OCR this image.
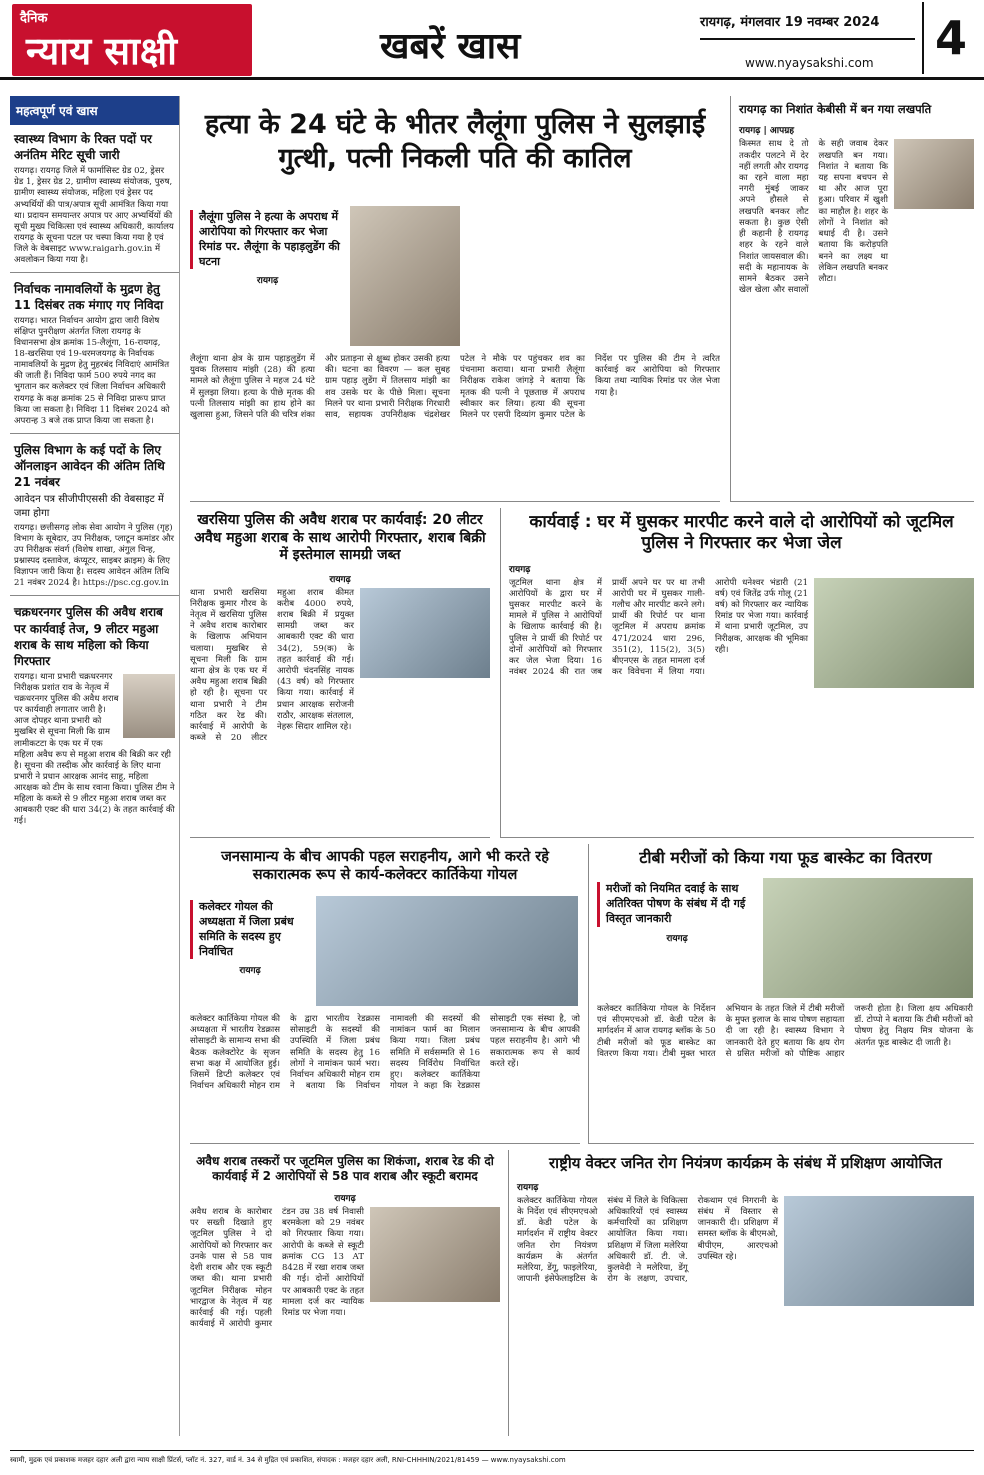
दैनिक
न्याय साक्षी	खबरें खास
रायगढ़, मंगलवार 19 नवम्बर 2024
www.nyaysakshi.com 4
महत्वपूर्ण एवं खास
स्वास्थ्य विभाग के रिक्त पदों पर अनंतिम मेरिट सूची जारी
रायगढ़। रायगढ़ जिले में फार्मासिस्ट ग्रेड 02, ड्रेसर ग्रेड 1, ड्रेसर ग्रेड 2, ग्रामीण स्वास्थ्य संयोजक, पुरुष, ग्रामीण स्वास्थ्य संयोजक, महिला एवं ड्रेसर पद अभ्यर्थियों की पात्र/अपात्र सूची आमंत्रित किया गया था। प्रदायन समयान्तर अपात्र पर आए अभ्यर्थियों की सूची मुख्य चिकित्सा एवं स्वास्थ्य अधिकारी, कार्यालय रायगढ़ के सूचना पटल पर चस्पा किया गया है एवं जिले के वेबसाइट www.raigarh.gov.in में अवलोकन किया गया है।
निर्वाचक नामावलियों के मुद्रण हेतु 11 दिसंबर तक मंगाए गए निविदा
रायगढ़। भारत निर्वाचन आयोग द्वारा जारी विशेष संक्षिप्त पुनरीक्षण अंतर्गत जिला रायगढ़ के विधानसभा क्षेत्र क्रमांक 15-लैलूंगा, 16-रायगढ़, 18-खरसिया एवं 19-धरमजयगढ़ के निर्वाचक नामावलियों के मुद्रण हेतु मुहरबंद निविदाएं आमंत्रित की जाती हैं। निविदा फार्म 500 रुपये नगद का भुगतान कर कलेक्टर एवं जिला निर्वाचन अधिकारी रायगढ़ के कक्ष क्रमांक 25 से निविदा प्रारूप प्राप्त किया जा सकता है। निविदा 11 दिसंबर 2024 को अपरान्ह 3 बजे तक प्राप्त किया जा सकता है।
पुलिस विभाग के कई पदों के लिए ऑनलाइन आवेदन की अंतिम तिथि 21 नवंबर
आवेदन पत्र सीजीपीएससी की वेबसाइट में जमा होगा
रायगढ़। छत्तीसगढ़ लोक सेवा आयोग ने पुलिस (गृह) विभाग के सूबेदार, उप निरीक्षक, प्लाटून कमांडर और उप निरीक्षक संवर्ग (विशेष शाखा, अंगुल चिन्ह, प्रश्नास्पद दस्तावेज, कंप्यूटर, साइबर क्राइम) के लिए विज्ञापन जारी किया है। सदस्य आवेदन अंतिम तिथि 21 नवंबर 2024 है। https://psc.cg.gov.in
चक्रधरनगर पुलिस की अवैध शराब पर कार्यवाई तेज, 9 लीटर महुआ शराब के साथ महिला को किया गिरफ्तार
रायगढ़। थाना प्रभारी चक्रधरनगर निरीक्षक प्रशांत राव के नेतृत्व में चक्रधरनगर पुलिस की अवैध शराब पर कार्यवाही लगातार जारी है। आज दोपहर थाना प्रभारी को मुखबिर से सूचना मिली कि ग्राम लामीकटटा के एक घर में एक महिला अवैध रूप से महुआ शराब की बिक्री कर रही है। सूचना की तस्दीक और कार्रवाई के लिए थाना प्रभारी ने प्रधान आरक्षक आनंद साहू, महिला आरक्षक को टीम के साथ रवाना किया। पुलिस टीम ने महिला के कब्जे से 9 लीटर महुआ शराब जब्त कर आबकारी एक्ट की धारा 34(2) के तहत कार्रवाई की गई।
हत्या के 24 घंटे के भीतर लैलूंगा पुलिस ने सुलझाई गुत्थी, पत्नी निकली पति की कातिल
लैलूंगा पुलिस ने हत्या के अपराध में आरोपिया को गिरफ्तार कर भेजा रिमांड पर. लैलूंगा के पहाड़लुडेंग की घटना
रायगढ़
लैलूंगा थाना क्षेत्र के ग्राम पहाड़लुडेंग में युवक तिलसाय मांझी (28) की हत्या मामले को लैलूंगा पुलिस ने महज 24 घंटे में सुलझा लिया। हत्या के पीछे मृतक की पत्नी तिलसाय मांझी का हाथ होने का खुलासा हुआ, जिसने पति की चरित्र शंका और प्रताड़ना से क्षुब्ध होकर उसकी हत्या की। घटना का विवरण — कल सुबह ग्राम पहाड़ लुडेंग में तिलसाय मांझी का शव उसके घर के पीछे मिला। सूचना मिलने पर थाना प्रभारी निरीक्षक गिरधारी साव, सहायक उपनिरीक्षक चंद्रशेखर पटेल ने मौके पर पहुंचकर शव का पंचनामा कराया। थाना प्रभारी लैलूंगा निरीक्षक राकेश जांगड़े ने बताया कि मृतक की पत्नी ने पूछताछ में अपराध स्वीकार कर लिया। हत्या की सूचना मिलने पर एसपी दिव्यांग कुमार पटेल के निर्देश पर पुलिस की टीम ने त्वरित कार्रवाई कर आरोपिया को गिरफ्तार किया तथा न्यायिक रिमांड पर जेल भेजा गया है।
रायगढ़ का निशांत केबीसी में बन गया लखपति
रायगढ़ | आपग्रह
किस्मत साथ दे तो तकदीर पलटने में देर नहीं लगती और रायगढ़ का रहने वाला महा नगरी मुंबई जाकर अपने हौसले से लखपति बनकर लौट सकता है। कुछ ऐसी ही कहानी है रायगढ़ शहर के रहने वाले निशांत जायसवाल की। सदी के महानायक के सामने बैठकर उसने खेल खेला और सवालों के सही जवाब देकर लखपति बन गया। निशांत ने बताया कि यह सपना बचपन से था और आज पूरा हुआ। परिवार में खुशी का माहौल है। शहर के लोगों ने निशांत को बधाई दी है। उसने बताया कि करोड़पति बनने का लक्ष्य था लेकिन लखपति बनकर लौटा।
खरसिया पुलिस की अवैध शराब पर कार्यवाई: 20 लीटर अवैध महुआ शराब के साथ आरोपी गिरफ्तार, शराब बिक्री में इस्तेमाल सामग्री जब्त
रायगढ़
थाना प्रभारी खरसिया निरीक्षक कुमार गौरव के नेतृत्व में खरसिया पुलिस ने अवैध शराब कारोबार के खिलाफ अभियान चलाया। मुखबिर से सूचना मिली कि ग्राम थाना क्षेत्र के एक घर में अवैध महुआ शराब बिक्री हो रही है। सूचना पर थाना प्रभारी ने टीम गठित कर रेड की। कार्रवाई में आरोपी के कब्जे से 20 लीटर महुआ शराब कीमत करीब 4000 रुपये, शराब बिक्री में प्रयुक्त सामग्री जब्त कर आबकारी एक्ट की धारा 34(2), 59(क) के तहत कार्रवाई की गई। आरोपी चंदनसिंह नायक (43 वर्ष) को गिरफ्तार किया गया। कार्रवाई में प्रधान आरक्षक सरोजनी राठौर, आरक्षक संतलाल, नेहरू सिदार शामिल रहे।
कार्यवाई : घर में घुसकर मारपीट करने वाले दो आरोपियों को जूटमिल पुलिस ने गिरफ्तार कर भेजा जेल
रायगढ़
जूटमिल थाना क्षेत्र में आरोपियों के द्वारा घर में घुसकर मारपीट करने के मामले में पुलिस ने आरोपियों के खिलाफ कार्रवाई की है। पुलिस ने प्रार्थी की रिपोर्ट पर दोनों आरोपियों को गिरफ्तार कर जेल भेजा दिया। 16 नवंबर 2024 की रात जब प्रार्थी अपने घर पर था तभी आरोपी घर में घुसकर गाली-गलौच और मारपीट करने लगे। प्रार्थी की रिपोर्ट पर थाना जूटमिल में अपराध क्रमांक 471/2024 धारा 296, 351(2), 115(2), 3(5) बीएनएस के तहत मामला दर्ज कर विवेचना में लिया गया। आरोपी धनेश्वर भंडारी (21 वर्ष) एवं जितेंद्र उर्फ गोलू (21 वर्ष) को गिरफ्तार कर न्यायिक रिमांड पर भेजा गया। कार्रवाई में थाना प्रभारी जूटमिल, उप निरीक्षक, आरक्षक की भूमिका रही।
जनसामान्य के बीच आपकी पहल सराहनीय, आगे भी करते रहे सकारात्मक रूप से कार्य-कलेक्टर कार्तिकेया गोयल
कलेक्टर गोयल की अध्यक्षता में जिला प्रबंध समिति के सदस्य हुए निर्वाचित
रायगढ़
कलेक्टर कार्तिकेया गोयल की अध्यक्षता में भारतीय रेडक्रास सोसाइटी के सामान्य सभा की बैठक कलेक्टोरेट के सृजन सभा कक्ष में आयोजित हुई। जिसमें डिप्टी कलेक्टर एवं निर्वाचन अधिकारी मोहन राम के द्वारा भारतीय रेडक्रास सोसाइटी के सदस्यों की उपस्थिति में जिला प्रबंध समिति के सदस्य हेतु 16 लोगों ने नामांकन फार्म भरा। निर्वाचन अधिकारी मोहन राम ने बताया कि निर्वाचन नामावली की सदस्यों की नामांकन फार्म का मिलान किया गया। जिला प्रबंध समिति में सर्वसम्मति से 16 सदस्य निर्विरोध निर्वाचित हुए। कलेक्टर कार्तिकेया गोयल ने कहा कि रेडक्रास सोसाइटी एक संस्था है, जो जनसामान्य के बीच आपकी पहल सराहनीय है। आगे भी सकारात्मक रूप से कार्य करते रहें।
टीबी मरीजों को किया गया फूड बास्केट का वितरण
मरीजों को नियमित दवाई के साथ अतिरिक्त पोषण के संबंध में दी गई विस्तृत जानकारी
रायगढ़
कलेक्टर कार्तिकेया गोयल के निर्देशन एवं सीएमएचओ डॉ. केडी पटेल के मार्गदर्शन में आज रायगढ़ ब्लॉक के 50 टीबी मरीजों को फूड बास्केट का वितरण किया गया। टीबी मुक्त भारत अभियान के तहत जिले में टीबी मरीजों के मुफ्त इलाज के साथ पोषण सहायता दी जा रही है। स्वास्थ्य विभाग ने जानकारी देते हुए बताया कि क्षय रोग से ग्रसित मरीजों को पौष्टिक आहार जरूरी होता है। जिला क्षय अधिकारी डॉ. टोप्पो ने बताया कि टीबी मरीजों को पोषण हेतु निक्षय मित्र योजना के अंतर्गत फूड बास्केट दी जाती है।
अवैध शराब तस्करों पर जूटमिल पुलिस का शिकंजा, शराब रेड की दो कार्यवाई में 2 आरोपियों से 58 पाव शराब और स्कूटी बरामद
रायगढ़
अवैध शराब के कारोबार पर सख्ती दिखाते हुए जूटमिल पुलिस ने दो आरोपियों को गिरफ्तार कर उनके पास से 58 पाव देशी शराब और एक स्कूटी जब्त की। थाना प्रभारी जूटमिल निरीक्षक मोहन भारद्वाज के नेतृत्व में यह कार्रवाई की गई। पहली कार्यवाई में आरोपी कुमार टंडन उम्र 38 वर्ष निवासी बरमकेला को 29 नवंबर को गिरफ्तार किया गया। आरोपी के कब्जे से स्कूटी क्रमांक CG 13 AT 8428 में रखा शराब जब्त की गई। दोनों आरोपियों पर आबकारी एक्ट के तहत मामला दर्ज कर न्यायिक रिमांड पर भेजा गया।
राष्ट्रीय वेक्टर जनित रोग नियंत्रण कार्यक्रम के संबंध में प्रशिक्षण आयोजित
रायगढ़
कलेक्टर कार्तिकेया गोयल के निर्देश एवं सीएमएचओ डॉ. केडी पटेल के मार्गदर्शन में राष्ट्रीय वेक्टर जनित रोग नियंत्रण कार्यक्रम के अंतर्गत मलेरिया, डेंगू, फाइलेरिया, जापानी इंसेफेलाइटिस के संबंध में जिले के चिकित्सा अधिकारियों एवं स्वास्थ्य कर्मचारियों का प्रशिक्षण आयोजित किया गया। प्रशिक्षण में जिला मलेरिया अधिकारी डॉ. टी. जे. कुलवेदी ने मलेरिया, डेंगू रोग के लक्षण, उपचार, रोकथाम एवं निगरानी के संबंध में विस्तार से जानकारी दी। प्रशिक्षण में समस्त ब्लॉक के बीएमओ, बीपीएम, आरएचओ उपस्थित रहे।
स्वामी, मुद्रक एवं प्रकाशक मजहर दहार अली द्वारा न्याय साक्षी प्रिंटर्स, प्लॉट नं. 327, वार्ड नं. 34 से मुद्रित एवं प्रकाशित, संपादक : मजहर दहार अली, RNI-CHHHIN/2021/81459 — www.nyaysakshi.com
